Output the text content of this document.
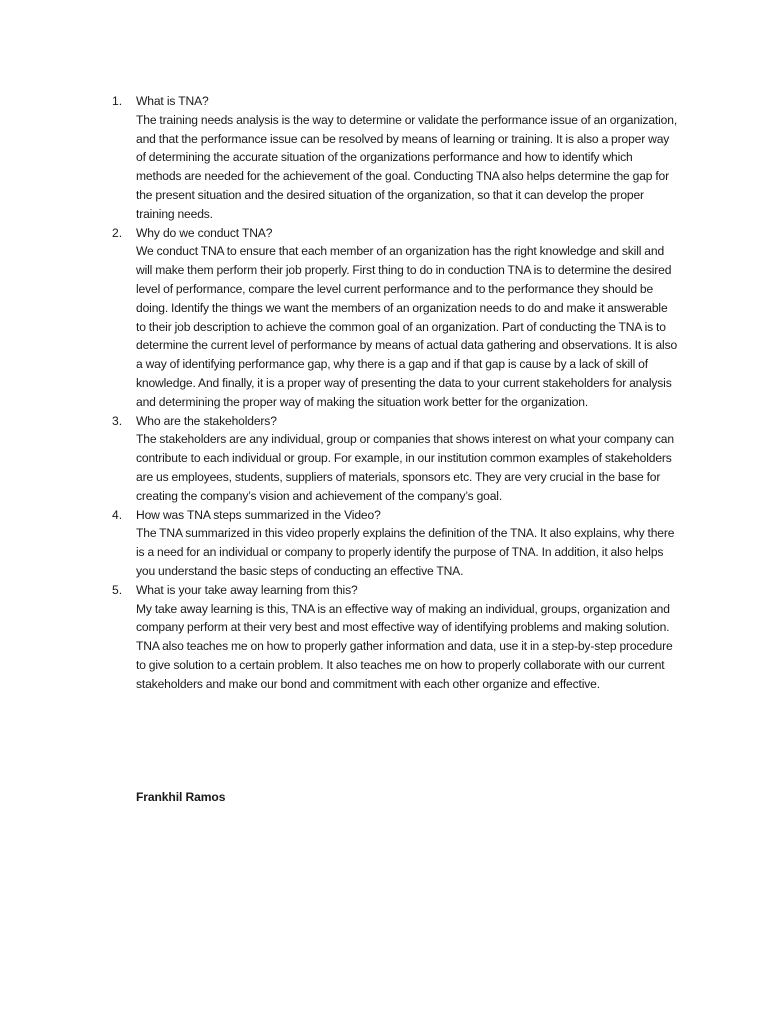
1. What is TNA?

The training needs analysis is the way to determine or validate the performance issue of an organization, and that the performance issue can be resolved by means of learning or training. It is also a proper way of determining the accurate situation of the organizations performance and how to identify which methods are needed for the achievement of the goal. Conducting TNA also helps determine the gap for the present situation and the desired situation of the organization, so that it can develop the proper training needs.

2. Why do we conduct TNA?

We conduct TNA to ensure that each member of an organization has the right knowledge and skill and will make them perform their job properly. First thing to do in conduction TNA is to determine the desired level of performance, compare the level current performance and to the performance they should be doing. Identify the things we want the members of an organization needs to do and make it answerable to their job description to achieve the common goal of an organization. Part of conducting the TNA is to determine the current level of performance by means of actual data gathering and observations. It is also a way of identifying performance gap, why there is a gap and if that gap is cause by a lack of skill of knowledge. And finally, it is a proper way of presenting the data to your current stakeholders for analysis and determining the proper way of making the situation work better for the organization.

3. Who are the stakeholders?

The stakeholders are any individual, group or companies that shows interest on what your company can contribute to each individual or group. For example, in our institution common examples of stakeholders are us employees, students, suppliers of materials, sponsors etc. They are very crucial in the base for creating the company’s vision and achievement of the company’s goal.

4. How was TNA steps summarized in the Video?

The TNA summarized in this video properly explains the definition of the TNA. It also explains, why there is a need for an individual or company to properly identify the purpose of TNA. In addition, it also helps you understand the basic steps of conducting an effective TNA.

5. What is your take away learning from this?

My take away learning is this, TNA is an effective way of making an individual, groups, organization and company perform at their very best and most effective way of identifying problems and making solution. TNA also teaches me on how to properly gather information and data, use it in a step-by-step procedure to give solution to a certain problem. It also teaches me on how to properly collaborate with our current stakeholders and make our bond and commitment with each other organize and effective.

Frankhil Ramos
